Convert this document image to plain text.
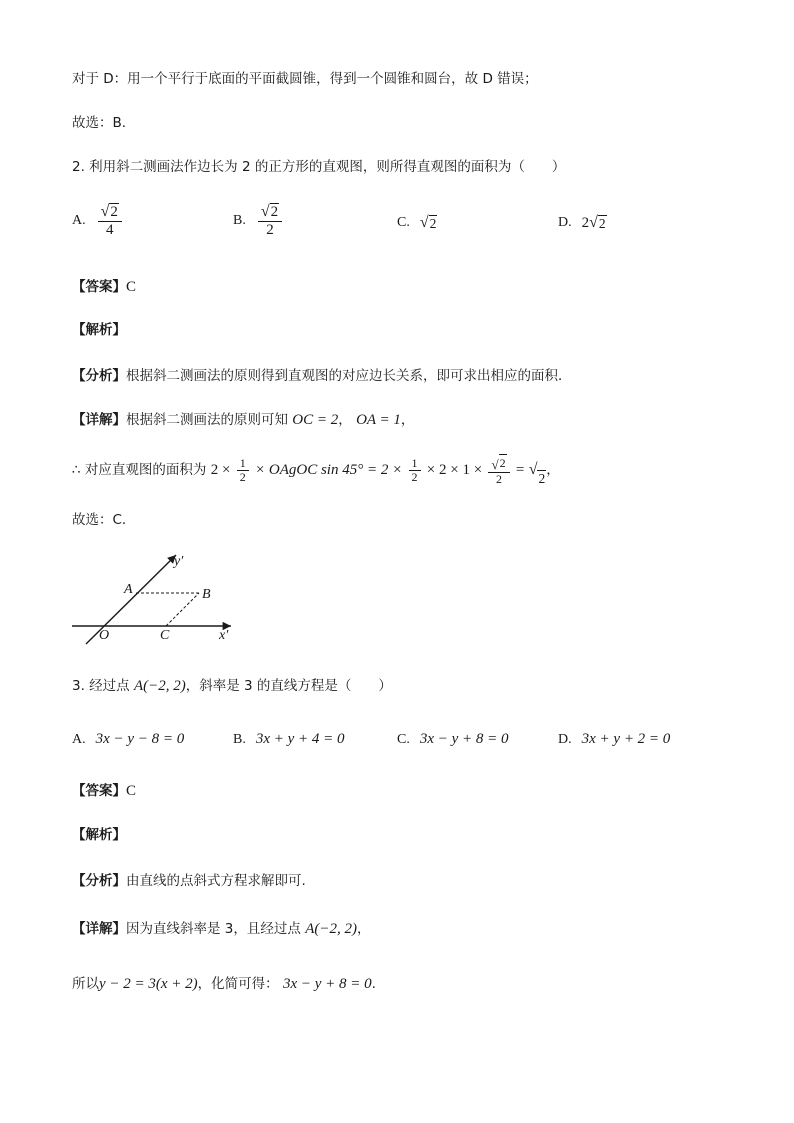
对于 D：用一个平行于底面的平面截圆锥，得到一个圆锥和圆台，故 D 错误；
故选：B.
2. 利用斜二测画法作边长为 2 的正方形的直观图，则所得直观图的面积为（　　）
A. $\frac{√ 2}{4}$	B. $\frac{√ 2}{2}$	C. √ 2	D. 2 √ 2
【答案】C
【解析】
【分析】根据斜二测画法的原则得到直观图的对应边长关系，即可求出相应的面积．
【详解】根据斜二测画法的原则可知 OC = 2， OA = 1，
∴ 对应直观图的面积为 $2 \times \frac{1}{2}$ × OAgOC $\sin 45^\circ = 2 \times \frac{1}{2} \times 2 \times 1 \times \frac{√ 2}{2}$ = √
2
，
故选：C．
y′
x′
A	B
O	C
3. 经过点 A(−2, 2)，斜率是 3 的直线方程是（　　）
A. 3x − y − 8 = 0	B. 3x + y + 4 = 0	C. 3x − y + 8 = 0	D. 3x + y + 2 = 0
【答案】C
【解析】
【分析】由直线的点斜式方程求解即可.
【详解】因为直线斜率是 3，且经过点 A(−2, 2)，
所以y − 2 = 3(x + 2)，化简可得： 3x − y + 8 = 0.
